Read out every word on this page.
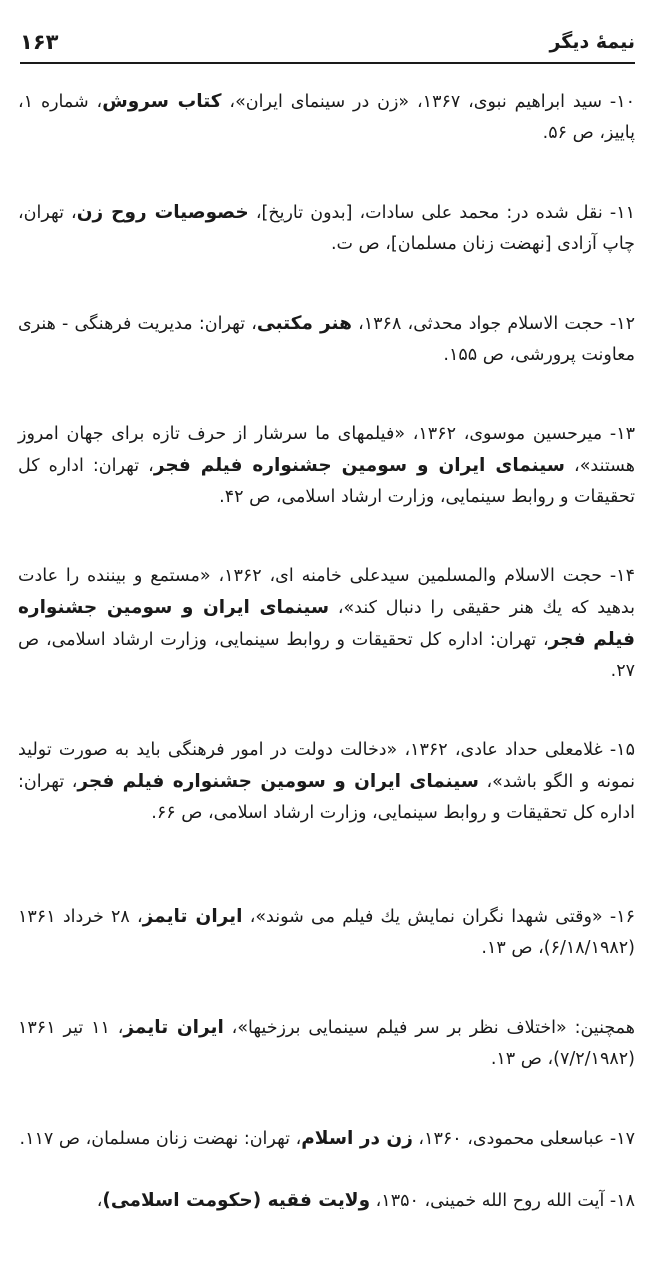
نيمهٔ ديگر
۱۶۳

۱۰- سيد ابراهيم نبوى، ۱۳۶۷، «زن در سينماى ايران»، كتاب سروش، شماره ۱، پاييز، ص ۵۶.

۱۱- نقل شده در: محمد على سادات، [بدون تاريخ]، خصوصيات روح زن، تهران، چاپ آزادى [نهضت زنان مسلمان]، ص ت.

۱۲- حجت الاسلام جواد محدثى، ۱۳۶۸، هنر مكتبى، تهران: مديريت فرهنگى - هنرى معاونت پرورشى، ص ۱۵۵.

۱۳- ميرحسين موسوى، ۱۳۶۲، «فيلمهاى ما سرشار از حرف تازه براى جهان امروز هستند»، سينماى ايران و سومين جشنواره فيلم فجر، تهران: اداره كل تحقيقات و روابط سينمايى، وزارت ارشاد اسلامى، ص ۴۲.

۱۴- حجت الاسلام والمسلمين سيدعلى خامنه اى، ۱۳۶۲، «مستمع و بيننده را عادت بدهيد كه يك هنر حقيقى را دنبال كند»، سينماى ايران و سومين جشنواره فيلم فجر، تهران: اداره كل تحقيقات و روابط سينمايى، وزارت ارشاد اسلامى، ص ۲۷.

۱۵- غلامعلى حداد عادى، ۱۳۶۲، «دخالت دولت در امور فرهنگى بايد به صورت توليد نمونه و الگو باشد»، سينماى ايران و سومين جشنواره فيلم فجر، تهران: اداره كل تحقيقات و روابط سينمايى، وزارت ارشاد اسلامى، ص ۶۶.

۱۶- «وقتى شهدا نگران نمايش يك فيلم مى شوند»، ايران تايمز، ۲۸ خرداد ۱۳۶۱ (۶/۱۸/۱۹۸۲)، ص ۱۳.

همچنين: «اختلاف نظر بر سر فيلم سينمايى برزخيها»، ايران تايمز، ۱۱ تير ۱۳۶۱ (۷/۲/۱۹۸۲)، ص ۱۳.

۱۷- عباسعلى محمودى، ۱۳۶۰، زن در اسلام، تهران: نهضت زنان مسلمان، ص ۱۱۷.

۱۸- آيت الله روح الله خمينى، ۱۳۵۰، ولايت فقيه (حكومت اسلامى)،
